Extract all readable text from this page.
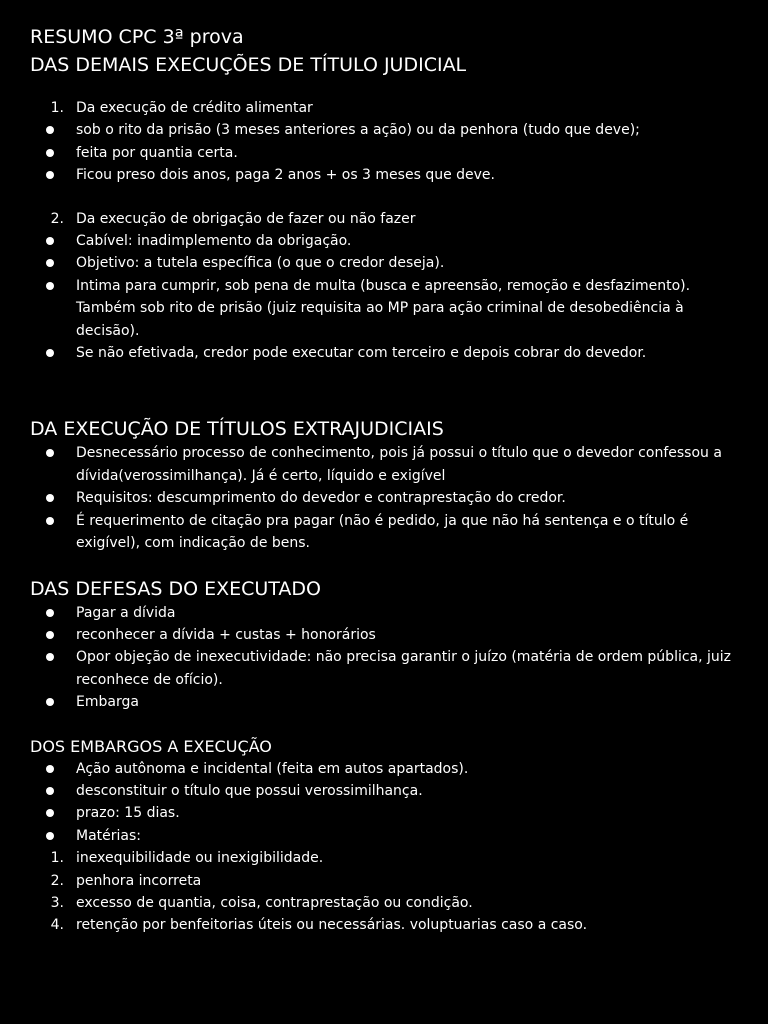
RESUMO CPC 3ª prova
DAS DEMAIS EXECUÇÕES DE TÍTULO JUDICIAL
1. Da execução de crédito alimentar
sob o rito da prisão (3 meses anteriores a ação) ou da penhora (tudo que deve);
feita por quantia certa.
Ficou preso dois anos, paga 2 anos + os 3 meses que deve.
2. Da execução de obrigação de fazer ou não fazer
Cabível: inadimplemento da obrigação.
Objetivo: a tutela específica (o que o credor deseja).
Intima para cumprir, sob pena de multa (busca e apreensão, remoção e desfazimento). Também sob rito de prisão (juiz requisita ao MP para ação criminal de desobediência à decisão).
Se não efetivada, credor pode executar com terceiro e depois cobrar do devedor.
DA EXECUÇÃO DE TÍTULOS EXTRAJUDICIAIS
Desnecessário processo de conhecimento, pois já possui o título que o devedor confessou a dívida(verossimilhança). Já é certo, líquido e exigível
Requisitos: descumprimento do devedor e contraprestação do credor.
É requerimento de citação pra pagar (não é pedido, ja que não há sentença e o título é exigível), com indicação de bens.
DAS DEFESAS DO EXECUTADO
Pagar a dívida
reconhecer a dívida + custas + honorários
Opor objeção de inexecutividade: não precisa garantir o juízo (matéria de ordem pública, juiz reconhece de ofício).
Embarga
DOS EMBARGOS A EXECUÇÃO
Ação autônoma e incidental (feita em autos apartados).
desconstituir o título que possui verossimilhança.
prazo: 15 dias.
Matérias:
1. inexequibilidade ou inexigibilidade.
2. penhora incorreta
3. excesso de quantia, coisa, contraprestação ou condição.
4. retenção por benfeitorias úteis ou necessárias. voluptuarias caso a caso.
